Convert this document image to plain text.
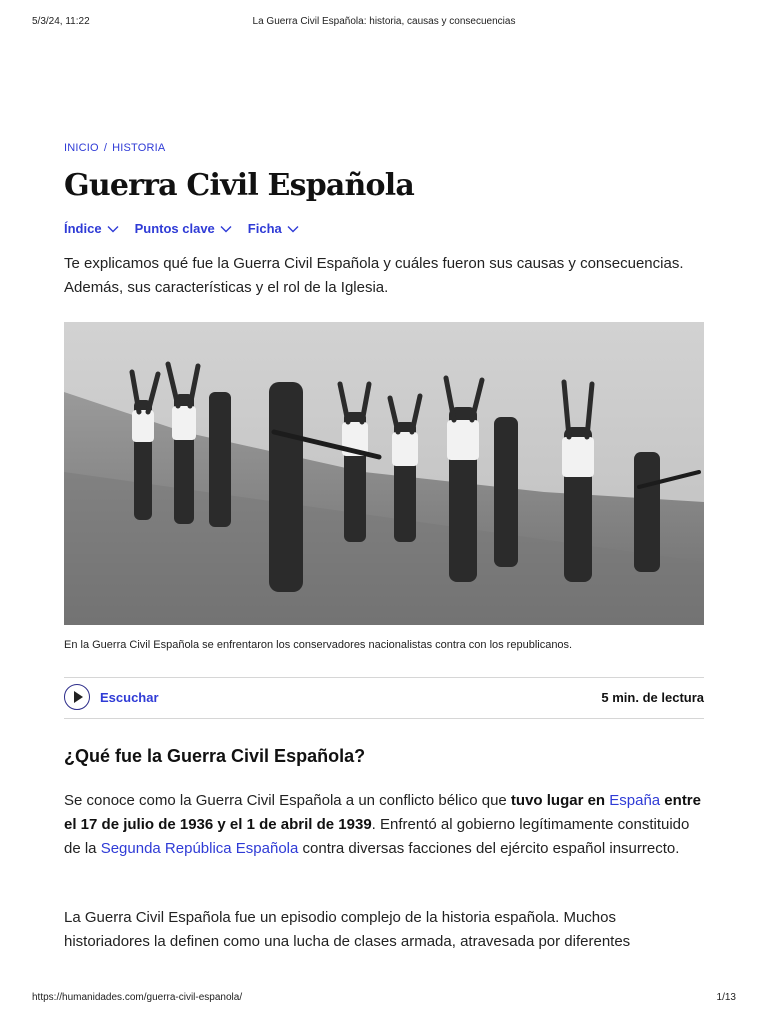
5/3/24, 11:22	La Guerra Civil Española: historia, causas y consecuencias
INICIO / HISTORIA
Guerra Civil Española
Índice	Puntos clave	Ficha

Te explicamos qué fue la Guerra Civil Española y cuáles fueron sus causas y consecuencias. Además, sus características y el rol de la Iglesia.

En la Guerra Civil Española se enfrentaron los conservadores nacionalistas contra con los republicanos.
Escuchar	5 min. de lectura
¿Qué fue la Guerra Civil Española?

Se conoce como la Guerra Civil Española a un conflicto bélico que tuvo lugar en España entre el 17 de julio de 1936 y el 1 de abril de 1939. Enfrentó al gobierno legítimamente constituido de la Segunda República Española contra diversas facciones del ejército español insurrecto.

La Guerra Civil Española fue un episodio complejo de la historia española. Muchos historiadores la definen como una lucha de clases armada, atravesada por diferentes

https://humanidades.com/guerra-civil-espanola/	1/13
